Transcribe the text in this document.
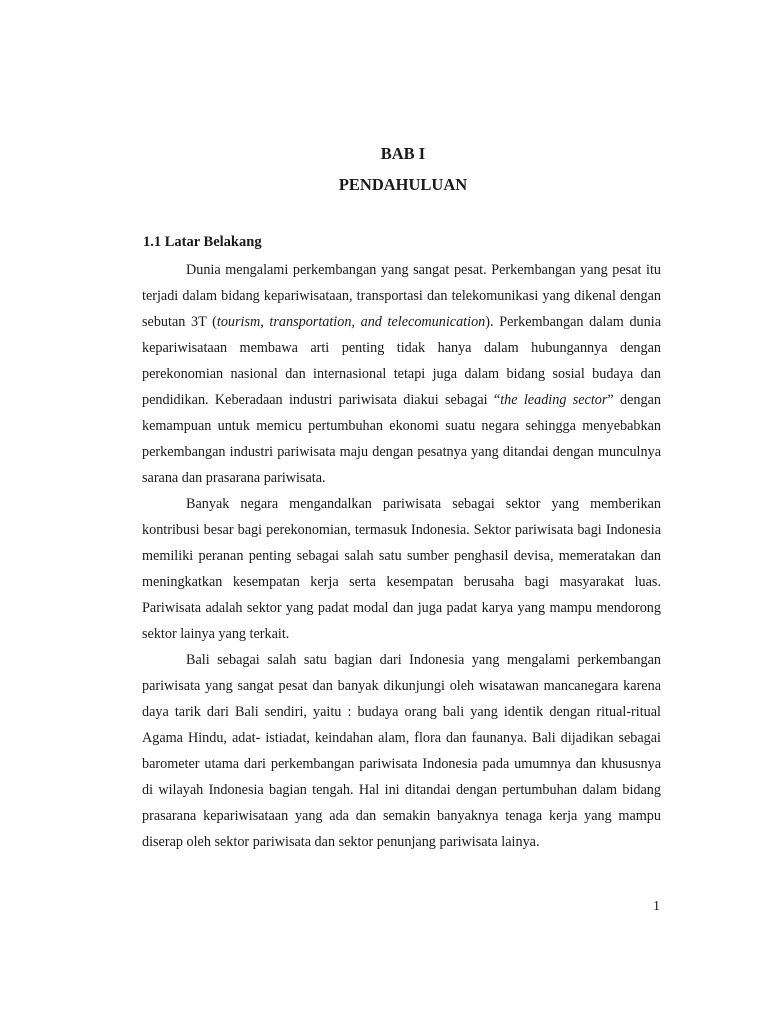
BAB I
PENDAHULUAN
1.1 Latar Belakang

Dunia mengalami perkembangan yang sangat pesat. Perkembangan yang pesat itu terjadi dalam bidang kepariwisataan, transportasi dan telekomunikasi yang dikenal dengan sebutan 3T (tourism, transportation, and telecomunication). Perkembangan dalam dunia kepariwisataan membawa arti penting tidak hanya dalam hubungannya dengan perekonomian nasional dan internasional tetapi juga dalam bidang sosial budaya dan pendidikan. Keberadaan industri pariwisata diakui sebagai “the leading sector” dengan kemampuan untuk memicu pertumbuhan ekonomi suatu negara sehingga menyebabkan perkembangan industri pariwisata maju dengan pesatnya yang ditandai dengan munculnya sarana dan prasarana pariwisata.

Banyak negara mengandalkan pariwisata sebagai sektor yang memberikan kontribusi besar bagi perekonomian, termasuk Indonesia. Sektor pariwisata bagi Indonesia memiliki peranan penting sebagai salah satu sumber penghasil devisa, memeratakan dan meningkatkan kesempatan kerja serta kesempatan berusaha bagi masyarakat luas. Pariwisata adalah sektor yang padat modal dan juga padat karya yang mampu mendorong sektor lainya yang terkait.

Bali sebagai salah satu bagian dari Indonesia yang mengalami perkembangan pariwisata yang sangat pesat dan banyak dikunjungi oleh wisatawan mancanegara karena daya tarik dari Bali sendiri, yaitu : budaya orang bali yang identik dengan ritual-ritual Agama Hindu, adat- istiadat, keindahan alam, flora dan faunanya. Bali dijadikan sebagai barometer utama dari perkembangan pariwisata Indonesia pada umumnya dan khususnya di wilayah Indonesia bagian tengah. Hal ini ditandai dengan pertumbuhan dalam bidang prasarana kepariwisataan yang ada dan semakin banyaknya tenaga kerja yang mampu diserap oleh sektor pariwisata dan sektor penunjang pariwisata lainya.

1
